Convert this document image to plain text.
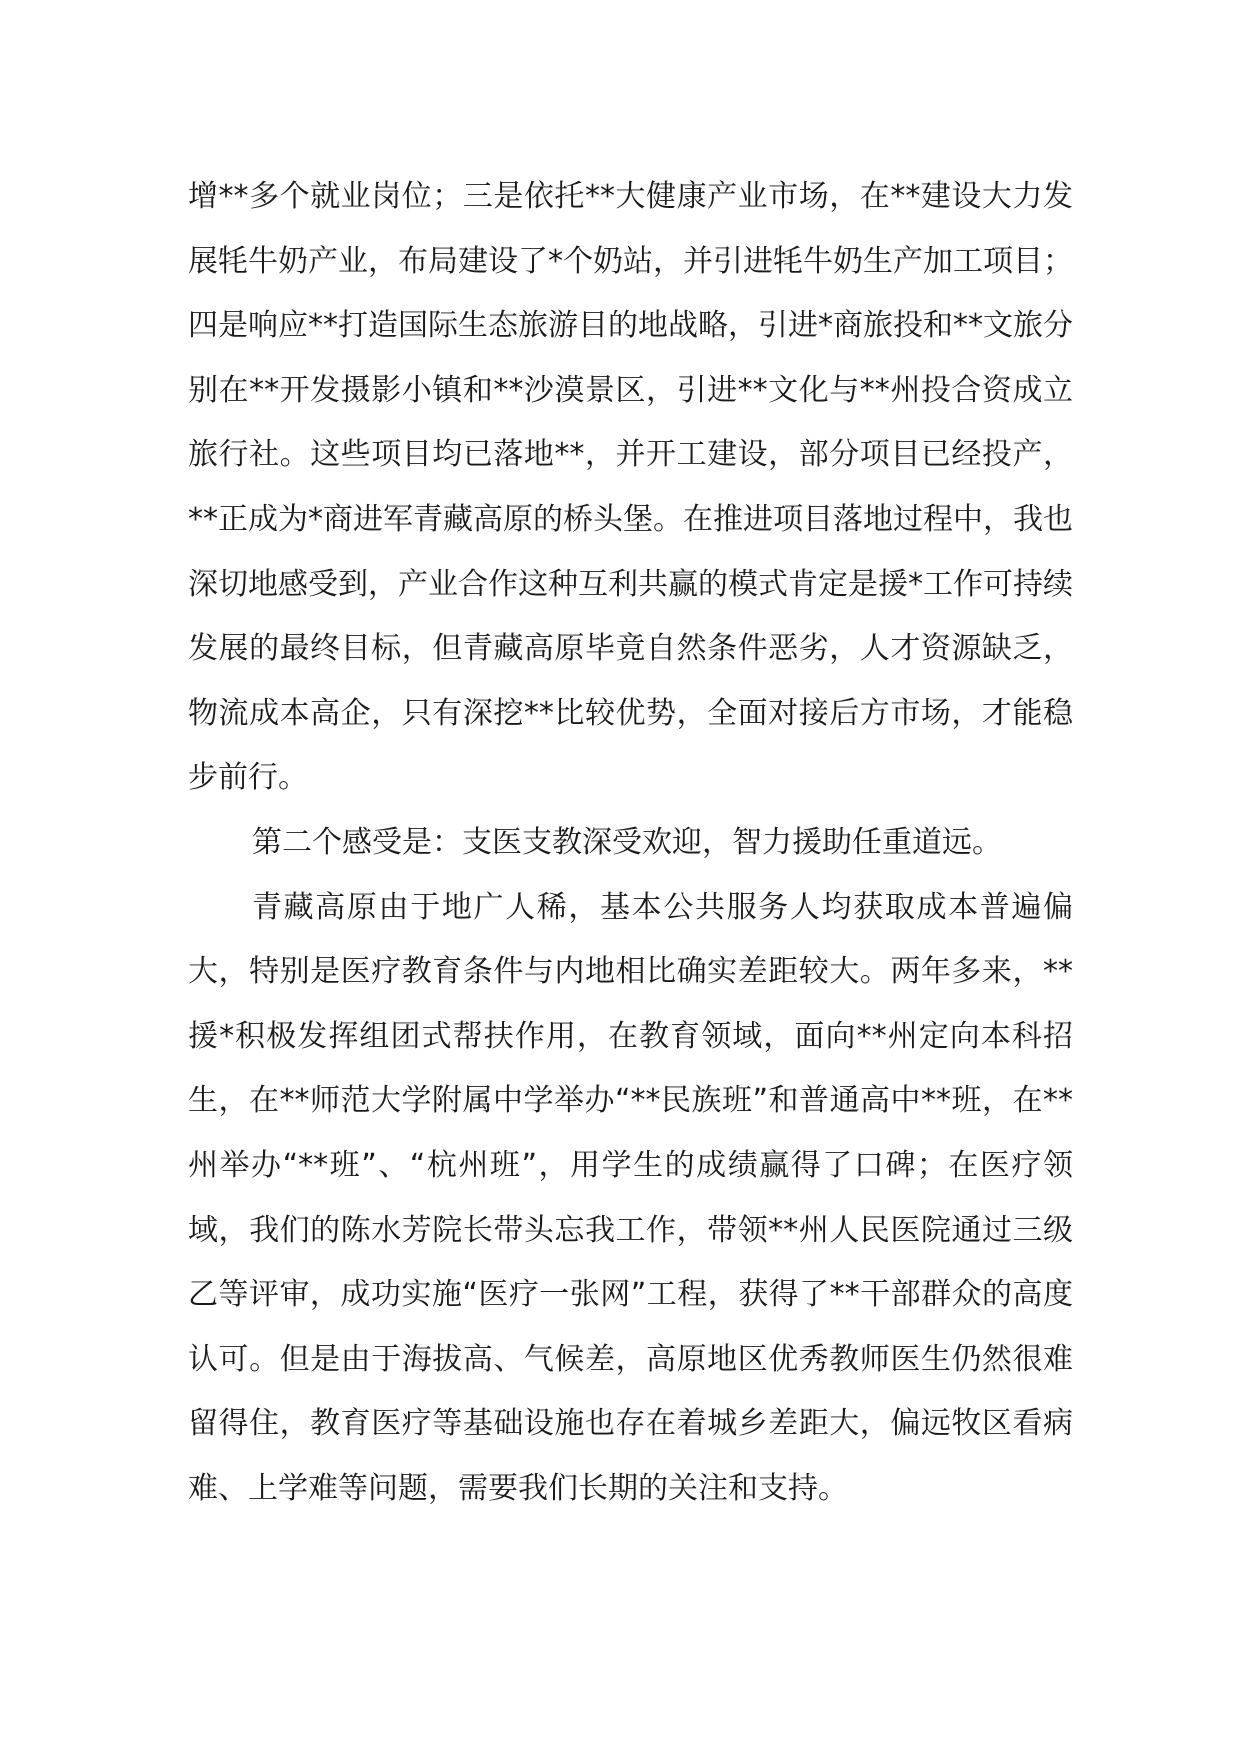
增**多个就业岗位；三是依托**大健康产业市场，在**建设大力发展牦牛奶产业，布局建设了*个奶站，并引进牦牛奶生产加工项目；四是响应**打造国际生态旅游目的地战略，引进*商旅投和**文旅分别在**开发摄影小镇和**沙漠景区，引进**文化与**州投合资成立旅行社。这些项目均已落地**，并开工建设，部分项目已经投产，**正成为*商进军青藏高原的桥头堡。在推进项目落地过程中，我也深切地感受到，产业合作这种互利共赢的模式肯定是援*工作可持续发展的最终目标，但青藏高原毕竟自然条件恶劣，人才资源缺乏，物流成本高企，只有深挖**比较优势，全面对接后方市场，才能稳步前行。

第二个感受是：支医支教深受欢迎，智力援助任重道远。

青藏高原由于地广人稀，基本公共服务人均获取成本普遍偏大，特别是医疗教育条件与内地相比确实差距较大。两年多来，**援*积极发挥组团式帮扶作用，在教育领域，面向**州定向本科招生，在**师范大学附属中学举办“**民族班”和普通高中**班，在**州举办“**班”、“杭州班”，用学生的成绩赢得了口碑；在医疗领域，我们的陈水芳院长带头忘我工作，带领**州人民医院通过三级乙等评审，成功实施“医疗一张网”工程，获得了**干部群众的高度认可。但是由于海拔高、气候差，高原地区优秀教师医生仍然很难留得住，教育医疗等基础设施也存在着城乡差距大，偏远牧区看病难、上学难等问题，需要我们长期的关注和支持。
